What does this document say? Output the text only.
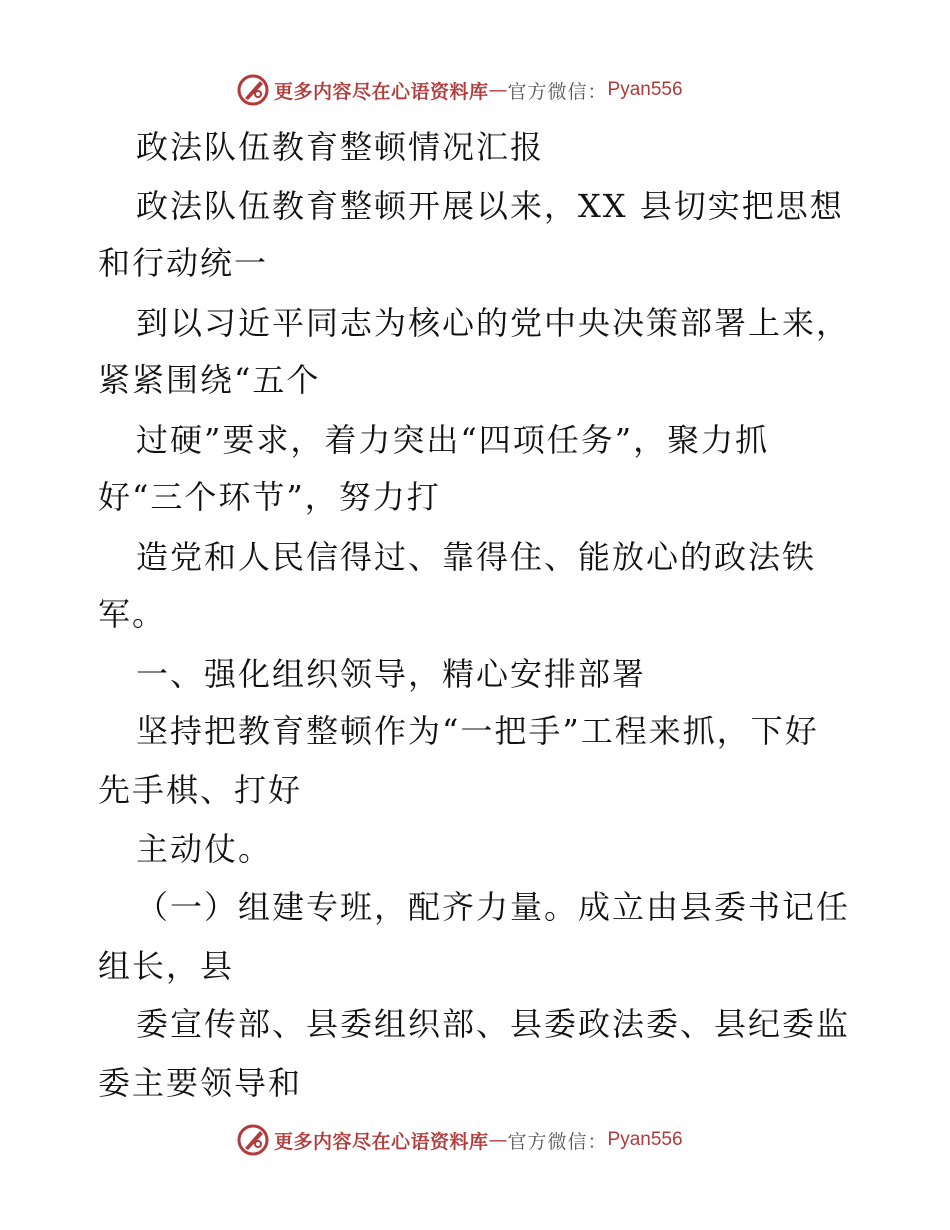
更多内容尽在心语资料库 — 官方微信： Pyan556
政法队伍教育整顿情况汇报
政法队伍教育整顿开展以来，XX 县切实把思想
和行动统一
到以习近平同志为核心的党中央决策部署上来，
紧紧围绕“五个
过硬”要求，着力突出“四项任务”，聚力抓
好“三个环节”，努力打
造党和人民信得过、靠得住、能放心的政法铁
军。
一、强化组织领导，精心安排部署
坚持把教育整顿作为“一把手”工程来抓，下好
先手棋、打好
主动仗。
（一）组建专班，配齐力量。成立由县委书记任
组长，县
委宣传部、县委组织部、县委政法委、县纪委监
委主要领导和
更多内容尽在心语资料库 — 官方微信： Pyan556
